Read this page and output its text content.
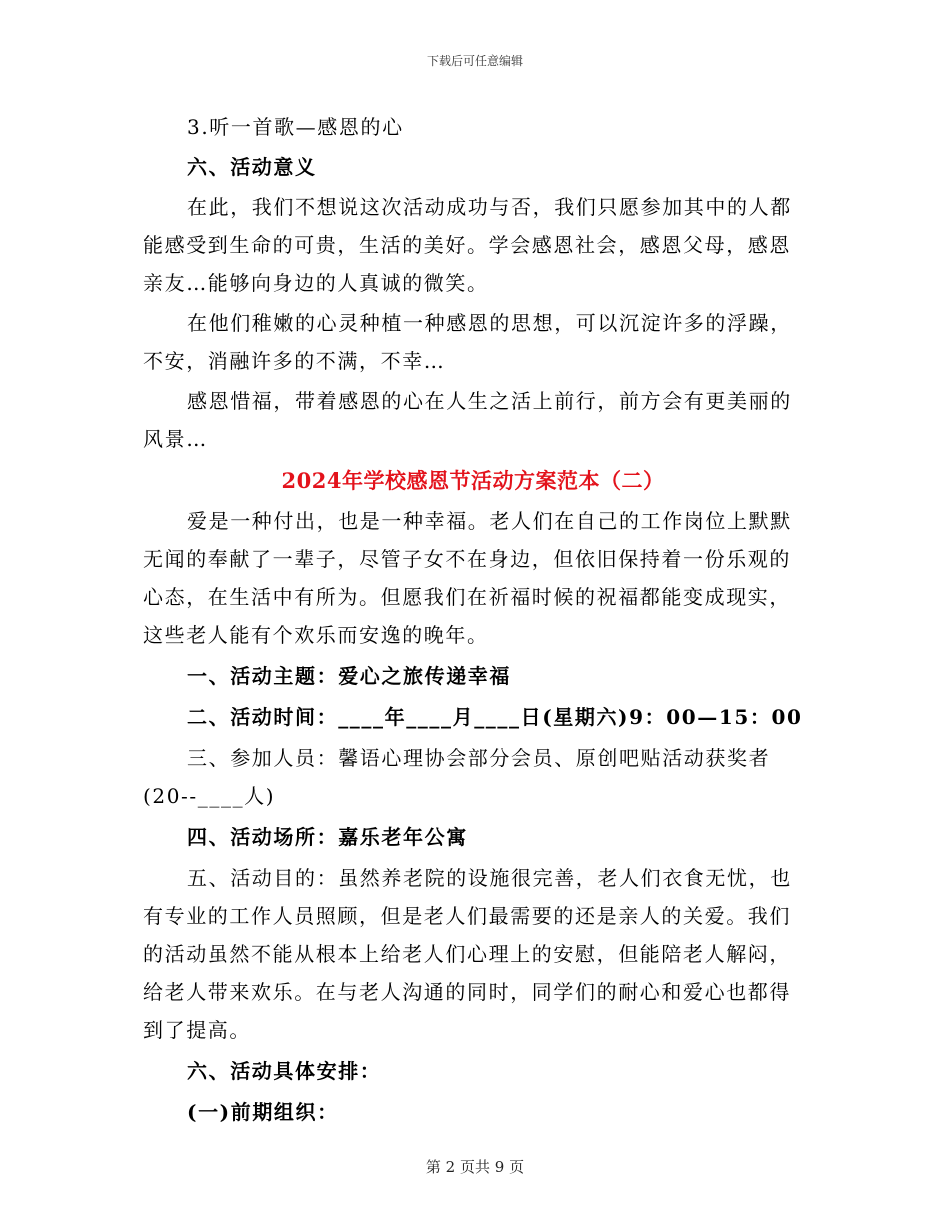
下载后可任意编辑
3.听一首歌—感恩的心
六、活动意义
在此，我们不想说这次活动成功与否，我们只愿参加其中的人都
能感受到生命的可贵，生活的美好。学会感恩社会，感恩父母，感恩
亲友…能够向身边的人真诚的微笑。
在他们稚嫩的心灵种植一种感恩的思想，可以沉淀许多的浮躁，
不安，消融许多的不满，不幸…
感恩惜福，带着感恩的心在人生之活上前行，前方会有更美丽的
风景…
2024年学校感恩节活动方案范本（二）
爱是一种付出，也是一种幸福。老人们在自己的工作岗位上默默
无闻的奉献了一辈子，尽管子女不在身边，但依旧保持着一份乐观的
心态，在生活中有所为。但愿我们在祈福时候的祝福都能变成现实，
这些老人能有个欢乐而安逸的晚年。
一、活动主题：爱心之旅传递幸福
二、活动时间：____年____月____日(星期六)9：00—15：00
三、参加人员：馨语心理协会部分会员、原创吧贴活动获奖者
(20--____人)
四、活动场所：嘉乐老年公寓
五、活动目的：虽然养老院的设施很完善，老人们衣食无忧，也
有专业的工作人员照顾，但是老人们最需要的还是亲人的关爱。我们
的活动虽然不能从根本上给老人们心理上的安慰，但能陪老人解闷，
给老人带来欢乐。在与老人沟通的同时，同学们的耐心和爱心也都得
到了提高。
六、活动具体安排：
(一)前期组织：
第 2 页共 9 页
